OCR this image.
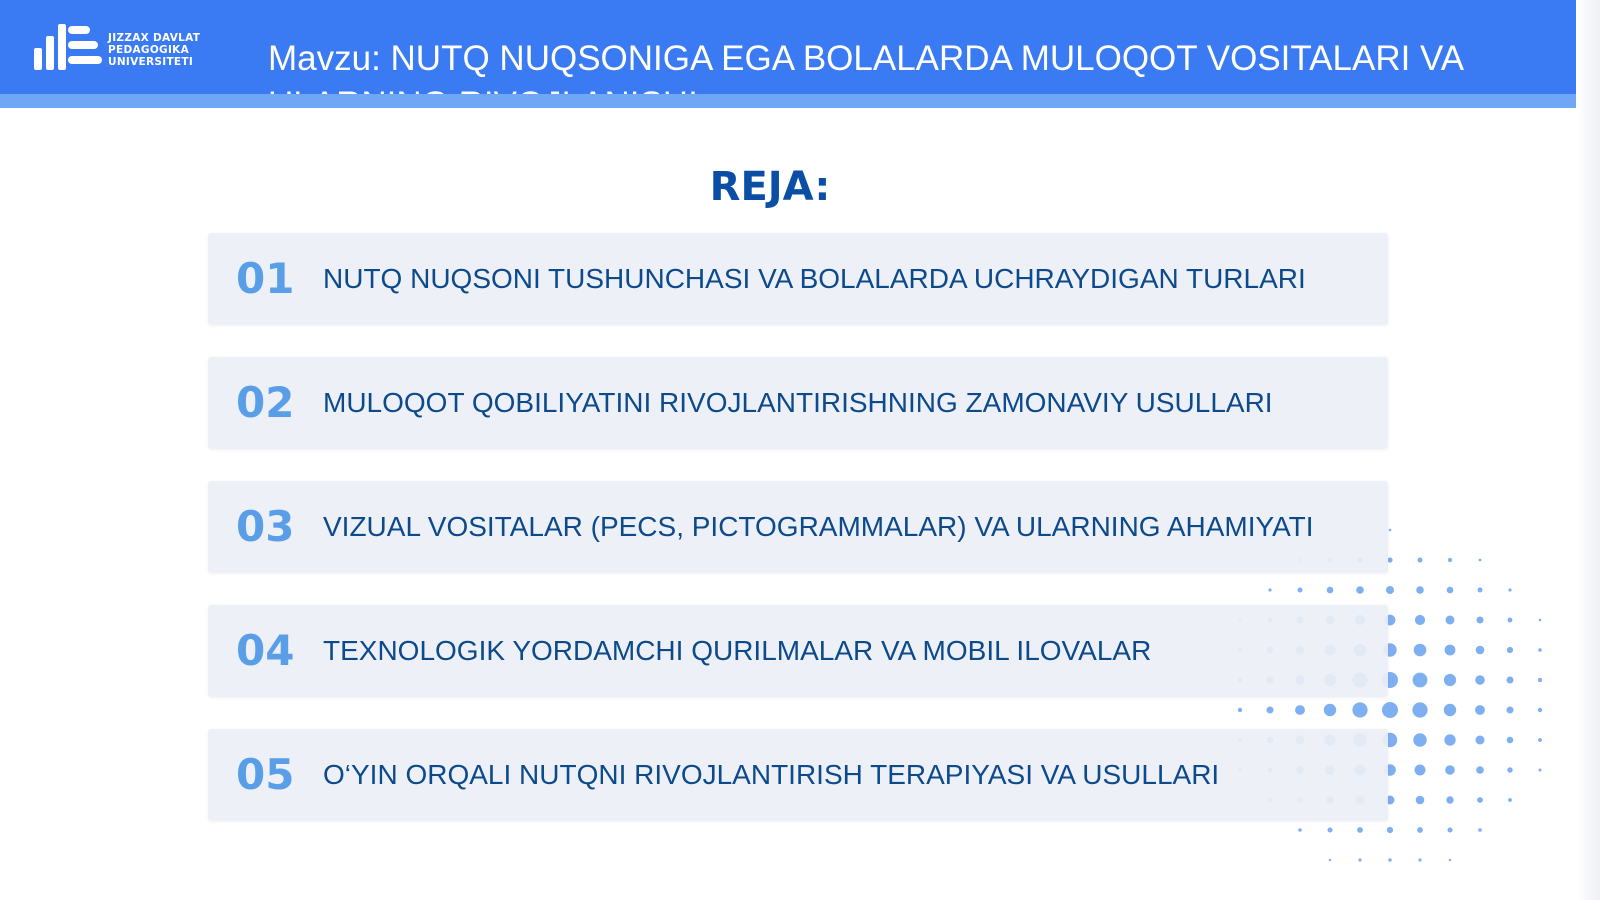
JIZZAX DAVLAT
PEDAGOGIKA
UNIVERSITETI Mavzu: NUTQ NUQSONIGA EGA BOLALARDA MULOQOT VOSITALARI VA
REJA:
01 NUTQ NUQSONI TUSHUNCHASI VA BOLALARDA UCHRAYDIGAN TURLARI
02 MULOQOT QOBILIYATINI RIVOJLANTIRISHNING ZAMONAVIY USULLARI
03 VIZUAL VOSITALAR (PECS, PICTOGRAMMALAR) VA ULARNING AHAMIYATI
04 TEXNOLOGIK YORDAMCHI QURILMALAR VA MOBIL ILOVALAR
05 O‘YIN ORQALI NUTQNI RIVOJLANTIRISH TERAPIYASI VA USULLARI
